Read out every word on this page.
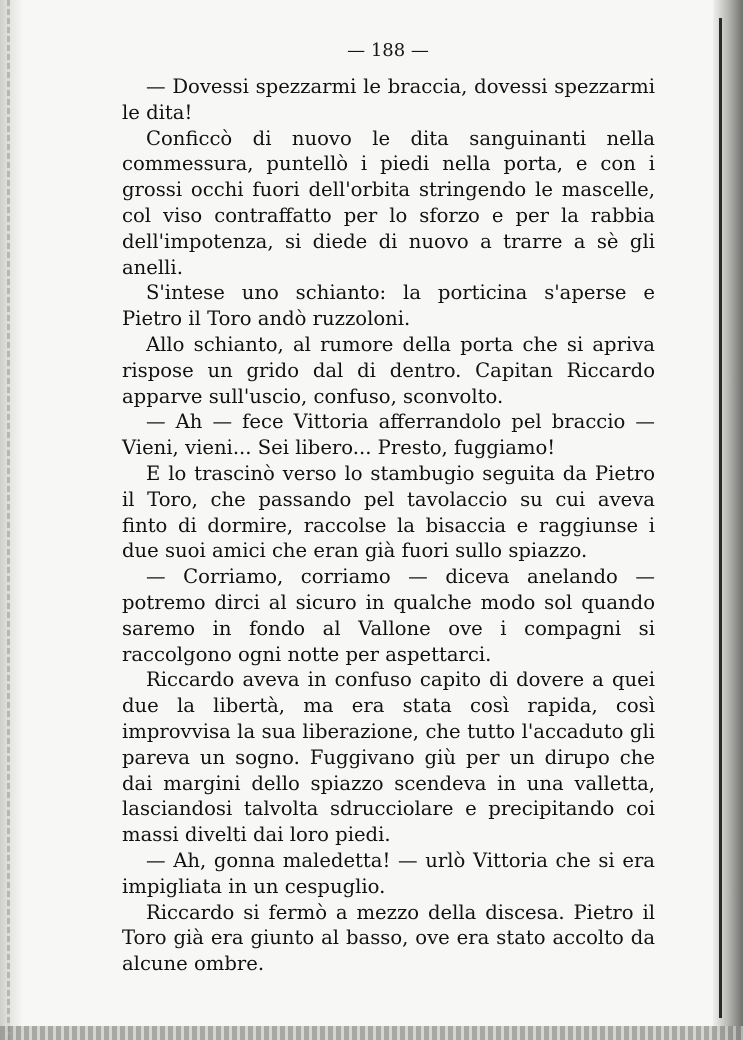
— 188 —

— Dovessi spezzarmi le braccia, dovessi spezzarmi le dita!

Conficcò di nuovo le dita sanguinanti nella commessura, puntellò i piedi nella porta, e con i grossi occhi fuori dell'orbita stringendo le mascelle, col viso contraffatto per lo sforzo e per la rabbia dell'impotenza, si diede di nuovo a trarre a sè gli anelli.

S'intese uno schianto: la porticina s'aperse e Pietro il Toro andò ruzzoloni.

Allo schianto, al rumore della porta che si apriva rispose un grido dal di dentro. Capitan Riccardo apparve sull'uscio, confuso, sconvolto.

— Ah — fece Vittoria afferrandolo pel braccio — Vieni, vieni... Sei libero... Presto, fuggiamo!

E lo trascinò verso lo stambugio seguita da Pietro il Toro, che passando pel tavolaccio su cui aveva finto di dormire, raccolse la bisaccia e raggiunse i due suoi amici che eran già fuori sullo spiazzo.

— Corriamo, corriamo — diceva anelando — potremo dirci al sicuro in qualche modo sol quando saremo in fondo al Vallone ove i compagni si raccolgono ogni notte per aspettarci.

Riccardo aveva in confuso capito di dovere a quei due la libertà, ma era stata così rapida, così improvvisa la sua liberazione, che tutto l'accaduto gli pareva un sogno. Fuggivano giù per un dirupo che dai margini dello spiazzo scendeva in una valletta, lasciandosi talvolta sdrucciolare e precipitando coi massi divelti dai loro piedi.

— Ah, gonna maledetta! — urlò Vittoria che si era impigliata in un cespuglio.

Riccardo si fermò a mezzo della discesa. Pietro il Toro già era giunto al basso, ove era stato accolto da alcune ombre.
